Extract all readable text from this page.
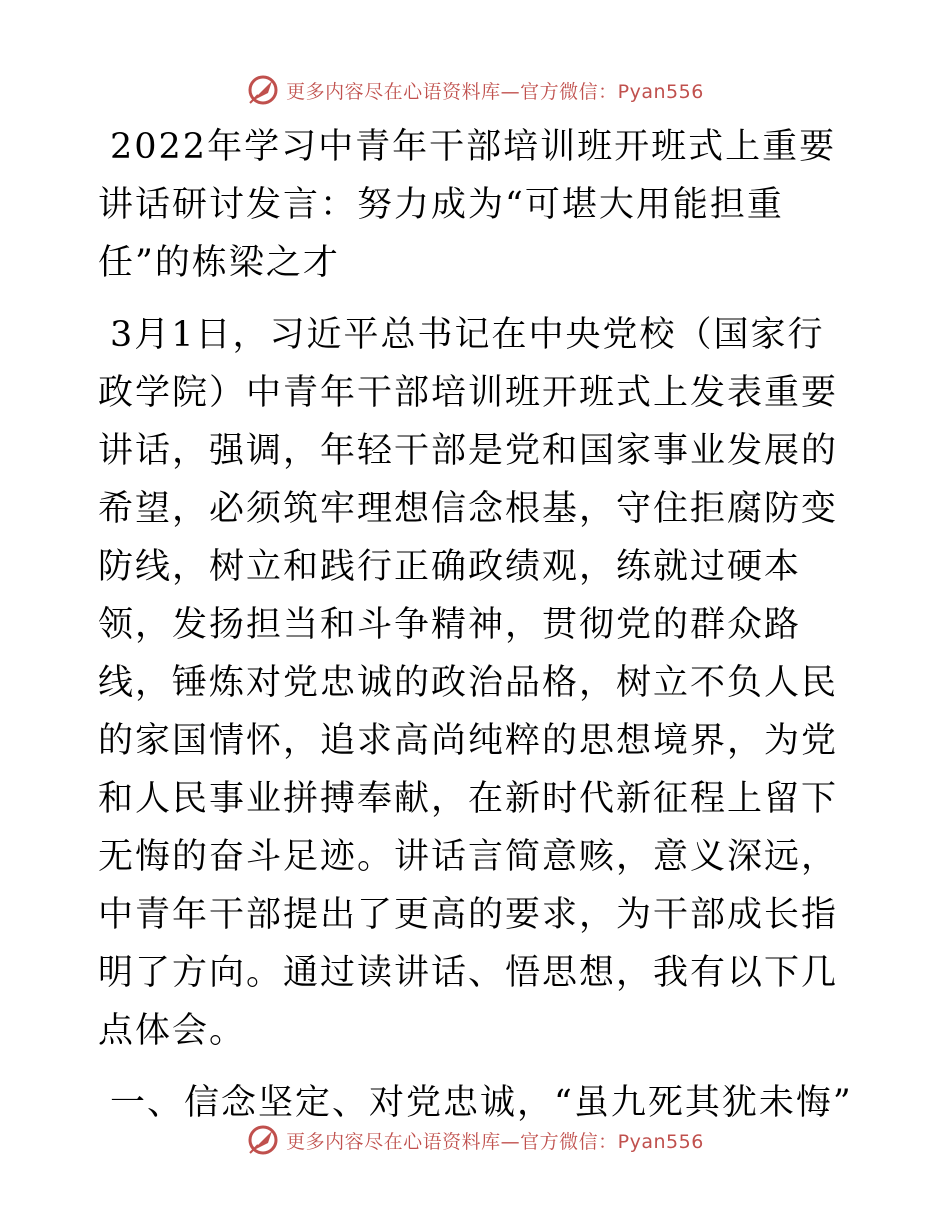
更多内容尽在心语资料库—官方微信：Pyan556
2022年学习中青年干部培训班开班式上重要讲话研讨发言：努力成为“可堪大用能担重任”的栋梁之才

3月1日，习近平总书记在中央党校（国家行政学院）中青年干部培训班开班式上发表重要讲话，强调，年轻干部是党和国家事业发展的希望，必须筑牢理想信念根基，守住拒腐防变防线，树立和践行正确政绩观，练就过硬本领，发扬担当和斗争精神，贯彻党的群众路线，锤炼对党忠诚的政治品格，树立不负人民的家国情怀，追求高尚纯粹的思想境界，为党和人民事业拼搏奉献，在新时代新征程上留下无悔的奋斗足迹。讲话言简意赅，意义深远，中青年干部提出了更高的要求，为干部成长指明了方向。通过读讲话、悟思想，我有以下几点体会。

一、信念坚定、对党忠诚，“虽九死其犹未悔”
更多内容尽在心语资料库—官方微信：Pyan556
